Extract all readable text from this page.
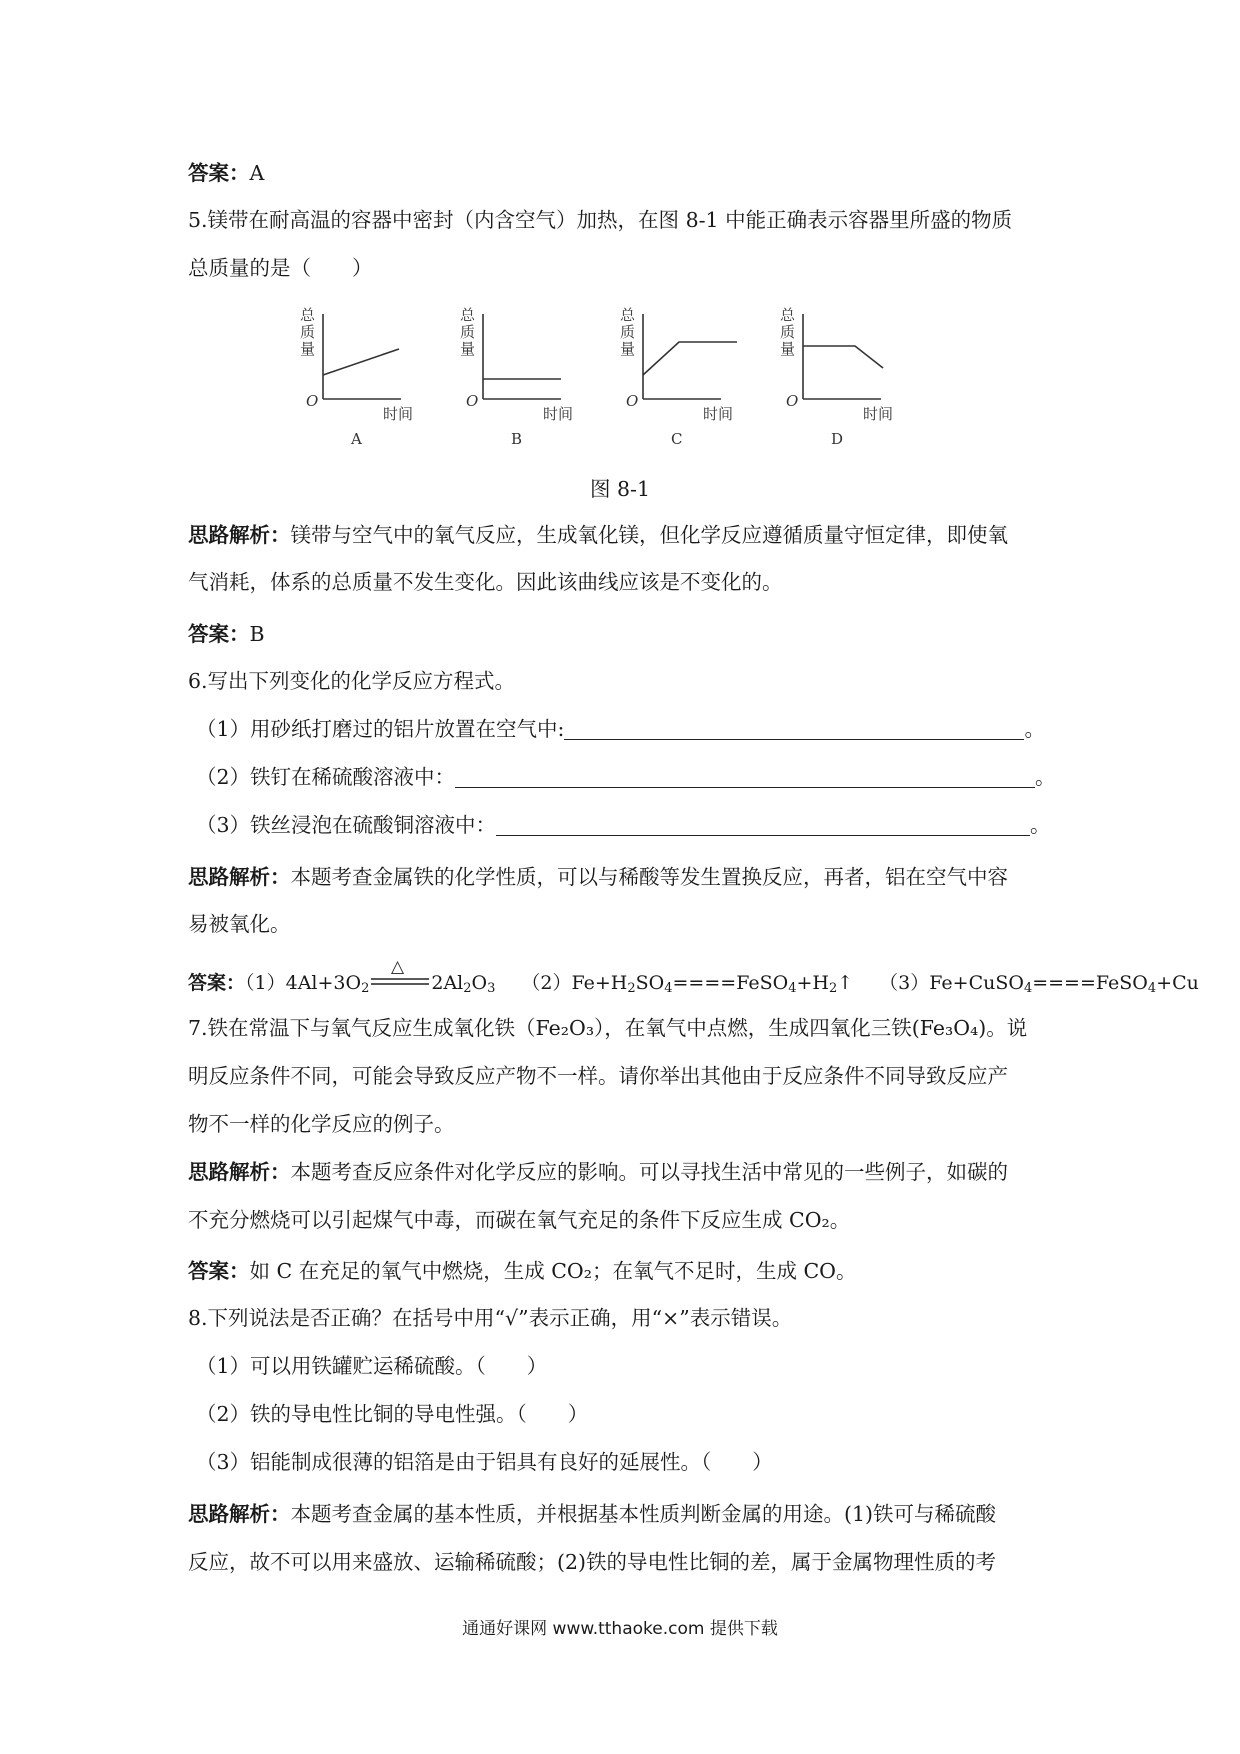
答案：A
5.镁带在耐高温的容器中密封（内含空气）加热，在图 8-1 中能正确表示容器里所盛的物质
总质量的是（　　）
总
质
量
O
时间
A
总
质
量
O
时间
B
总
质
量
O
时间
C
总
质
量
O
时间
D
图 8-1
思路解析：镁带与空气中的氧气反应，生成氧化镁，但化学反应遵循质量守恒定律，即使氧
气消耗，体系的总质量不发生变化。因此该曲线应该是不变化的。
答案：B
6.写出下列变化的化学反应方程式。
（1）用砂纸打磨过的铝片放置在空气中:	。
（2）铁钉在稀硫酸溶液中：	。
（3）铁丝浸泡在硫酸铜溶液中：	。
思路解析：本题考查金属铁的化学性质，可以与稀酸等发生置换反应，再者，铝在空气中容
易被氧化。
答案：$(1)4Al+3O_2$
△
$2Al_2O_3$ $(2)Fe+H_2SO_4====FeSO_4+H_2↑$ （3）Fe+CuSO$_4$====FeSO$_4$+Cu
7.铁在常温下与氧气反应生成氧化铁（Fe₂O₃），在氧气中点燃，生成四氧化三铁(Fe₃O₄)。说
明反应条件不同，可能会导致反应产物不一样。请你举出其他由于反应条件不同导致反应产
物不一样的化学反应的例子。
思路解析：本题考查反应条件对化学反应的影响。可以寻找生活中常见的一些例子，如碳的
不充分燃烧可以引起煤气中毒，而碳在氧气充足的条件下反应生成 CO₂。
答案：如 C 在充足的氧气中燃烧，生成 CO₂；在氧气不足时，生成 CO。
8.下列说法是否正确？在括号中用“√”表示正确，用“×”表示错误。
（1）可以用铁罐贮运稀硫酸。（　　）
（2）铁的导电性比铜的导电性强。（　　）
（3）铝能制成很薄的铝箔是由于铝具有良好的延展性。（　　）
思路解析：本题考查金属的基本性质，并根据基本性质判断金属的用途。(1)铁可与稀硫酸
反应，故不可以用来盛放、运输稀硫酸；(2)铁的导电性比铜的差，属于金属物理性质的考
通通好课网 www.tthaoke.com 提供下载
